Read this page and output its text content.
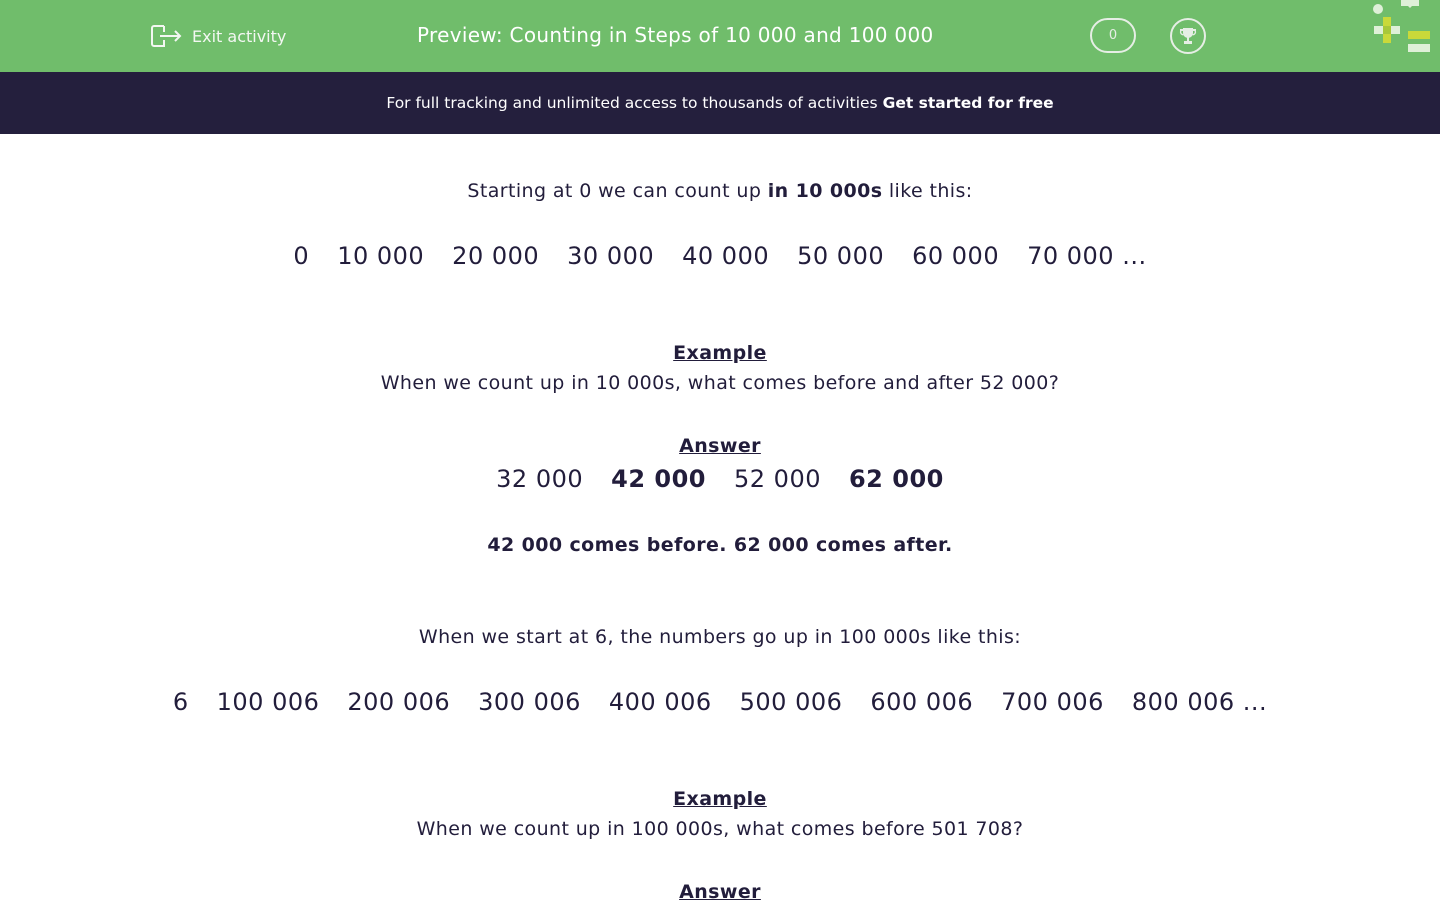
Exit activity	Preview: Counting in Steps of 10 000 and 100 000	0
For full tracking and unlimited access to thousands of activities Get started for free
Starting at 0 we can count up in 10 000s like this:
0 10 000 20 000 30 000 40 000 50 000 60 000 70 000 ...
Example
When we count up in 10 000s, what comes before and after 52 000?
Answer
32 000 42 000 52 000 62 000
42 000 comes before. 62 000 comes after.
When we start at 6, the numbers go up in 100 000s like this:
6 100 006 200 006 300 006 400 006 500 006 600 006 700 006 800 006 ...
Example
When we count up in 100 000s, what comes before 501 708?
Answer
